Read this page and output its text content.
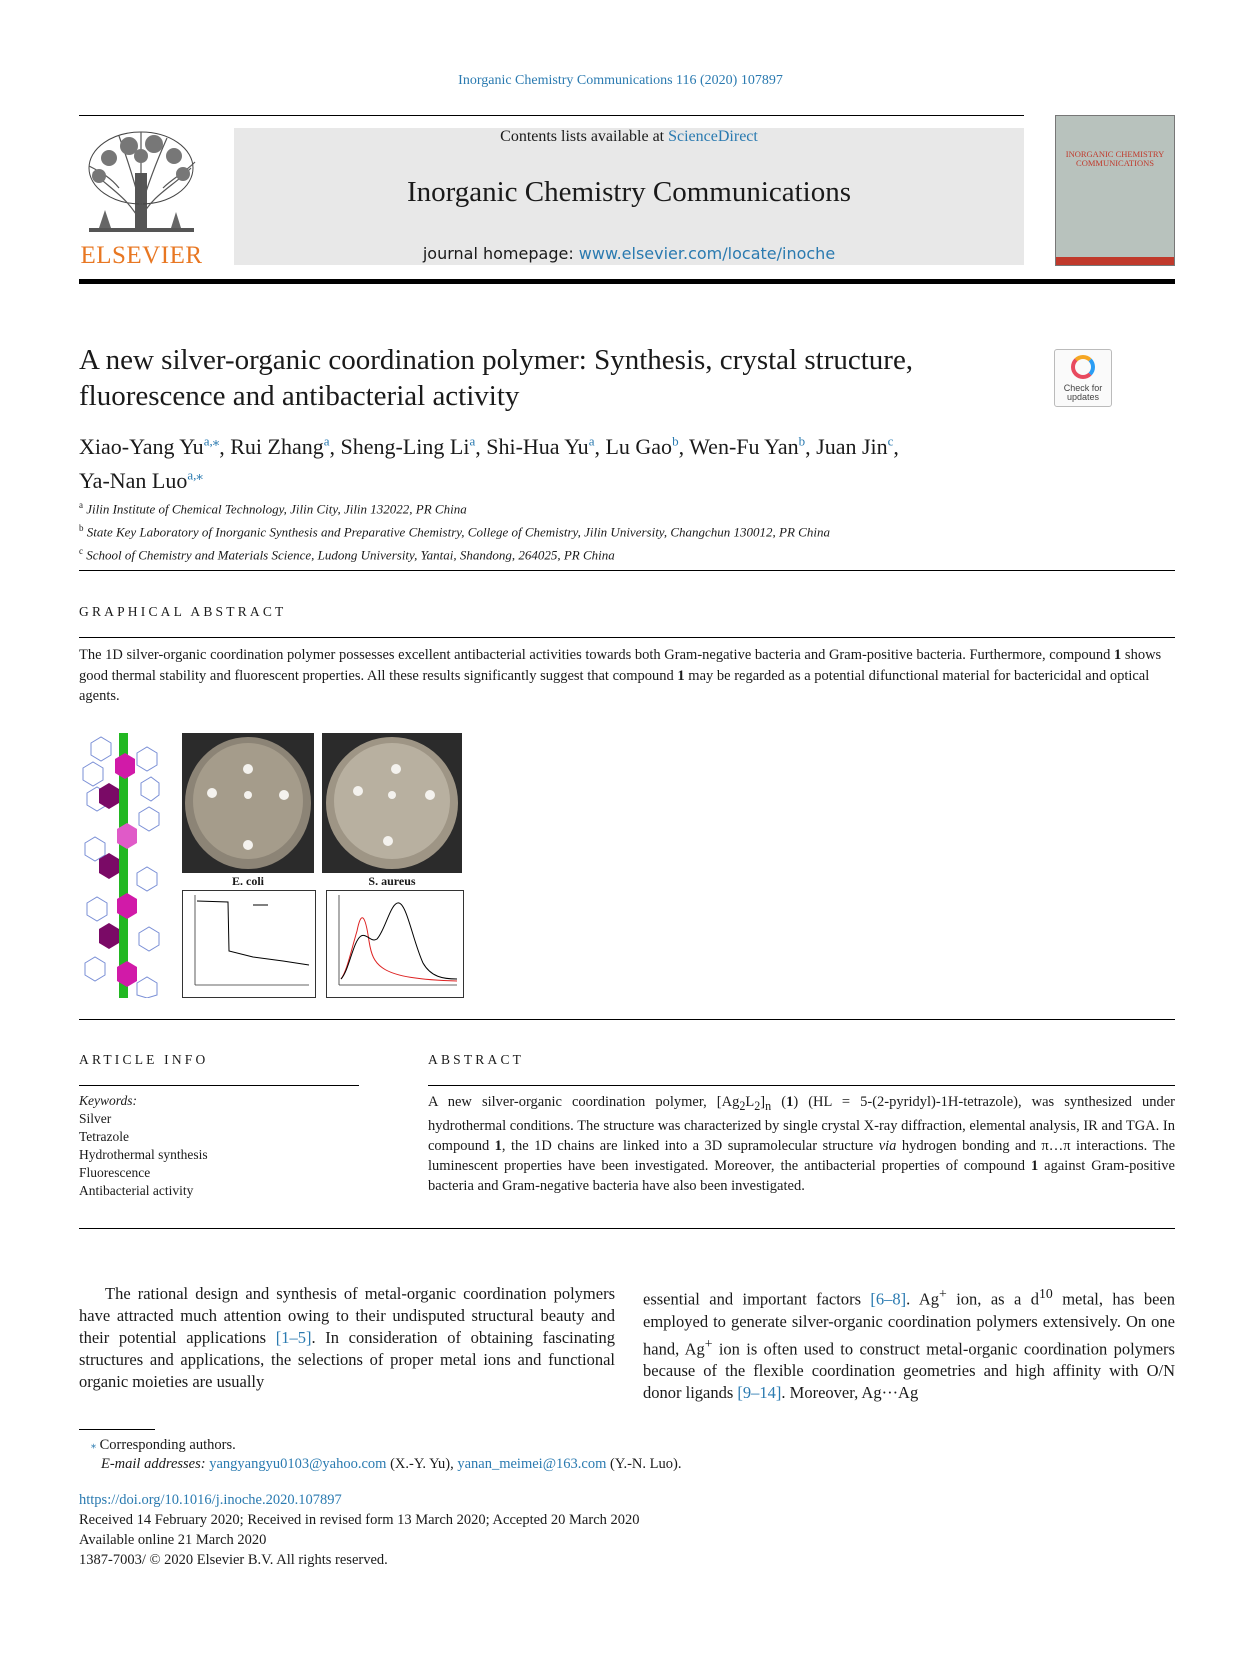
Inorganic Chemistry Communications 116 (2020) 107897
ELSEVIER
Contents lists available at ScienceDirect
Inorganic Chemistry Communications
journal homepage: www.elsevier.com/locate/inoche
INORGANIC CHEMISTRY COMMUNICATIONS
A new silver-organic coordination polymer: Synthesis, crystal structure, fluorescence and antibacterial activity	Check for updates
Xiao-Yang $Yu^{a,⁎}$, Rui Zhang$^a$, Sheng-Ling Li$^a$, Shi-Hua Yu$^a$, Lu Gao$^b$, Wen-Fu Yan$^b$, Juan Jin$^c$,
Ya-Nan Luo$^{a,⁎}$
$^a$ Jilin Institute of Chemical Technology, Jilin City, Jilin 132022, PR China
$^b$ State Key Laboratory of Inorganic Synthesis and Preparative Chemistry, College of Chemistry, Jilin University, Changchun 130012, PR China
$^c$ School of Chemistry and Materials Science, Ludong University, Yantai, Shandong, 264025, PR China
GRAPHICAL ABSTRACT
The 1D silver-organic coordination polymer possesses excellent antibacterial activities towards both Gram-negative bacteria and Gram-positive bacteria. Furthermore, compound 1 shows good thermal stability and fluorescent properties. All these results significantly suggest that compound 1 may be regarded as a potential difunctional material for bactericidal and optical agents.
E. coli	S. aureus
ARTICLE INFO
Keywords:
Silver
Tetrazole
Hydrothermal synthesis
Fluorescence
Antibacterial activity
ABSTRACT
A new silver-organic coordination polymer, $[Ag_2L_2]_n$ (1) (HL = 5-(2-pyridyl)-1H-tetrazole), was synthesized under hydrothermal conditions. The structure was characterized by single crystal X-ray diffraction, elemental analysis, IR and TGA. In compound 1, the 1D chains are linked into a 3D supramolecular structure via hydrogen bonding and π…π interactions. The luminescent properties have been investigated. Moreover, the antibacterial properties of compound 1 against Gram-positive bacteria and Gram-negative bacteria have also been investigated.
The rational design and synthesis of metal-organic coordination polymers have attracted much attention owing to their undisputed structural beauty and their potential applications [1–5]. In consideration of obtaining fascinating structures and applications, the selections of proper metal ions and functional organic moieties are usually
essential and important factors [6–8]. Ag+ ion, as a $d^{10}$ metal, has been employed to generate silver-organic coordination polymers extensively. On one hand, Ag+ ion is often used to construct metal-organic coordination polymers because of the flexible coordination geometries and high affinity with O/N donor ligands [9–14]. Moreover, Ag···Ag
⁎ Corresponding authors.
E-mail addresses: yangyangyu0103@yahoo.com (X.-Y. Yu), yanan_meimei@163.com (Y.-N. Luo).
https://doi.org/10.1016/j.inoche.2020.107897
Received 14 February 2020; Received in revised form 13 March 2020; Accepted 20 March 2020
Available online 21 March 2020
1387-7003/ © 2020 Elsevier B.V. All rights reserved.
